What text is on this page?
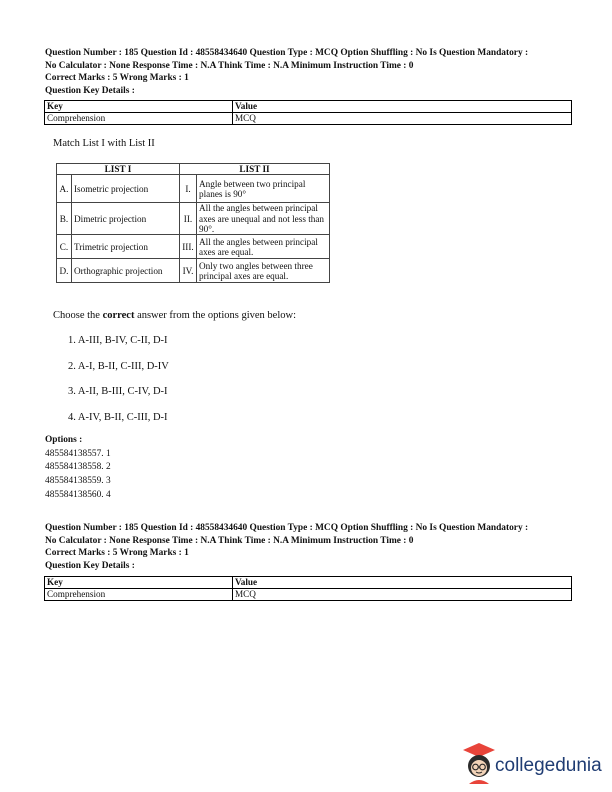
Question Number : 185 Question Id : 48558434640 Question Type : MCQ Option Shuffling : No Is Question Mandatory :
No Calculator : None Response Time : N.A Think Time : N.A Minimum Instruction Time : 0
Correct Marks : 5 Wrong Marks : 1
Question Key Details :
Key	Value
Comprehension	MCQ
Match List I with List II
LIST I		LIST II	
A.	Isometric projection	I.	Angle between two principal planes is 90°
B.	Dimetric projection	II.	All the angles between principal axes are unequal and not less than 90°.
C.	Trimetric projection	III.	All the angles between principal axes are equal.
D.	Orthographic projection	IV.	Only two angles between three principal axes are equal.
Choose the correct answer from the options given below:
1. A-III, B-IV, C-II, D-I
2. A-I, B-II, C-III, D-IV
3. A-II, B-III, C-IV, D-I
4. A-IV, B-II, C-III, D-I
Options :
485584138557. 1
485584138558. 2
485584138559. 3
485584138560. 4
Question Number : 185 Question Id : 48558434640 Question Type : MCQ Option Shuffling : No Is Question Mandatory :
No Calculator : None Response Time : N.A Think Time : N.A Minimum Instruction Time : 0
Correct Marks : 5 Wrong Marks : 1
Question Key Details :
Key	Value
Comprehension	MCQ
collegedunia
